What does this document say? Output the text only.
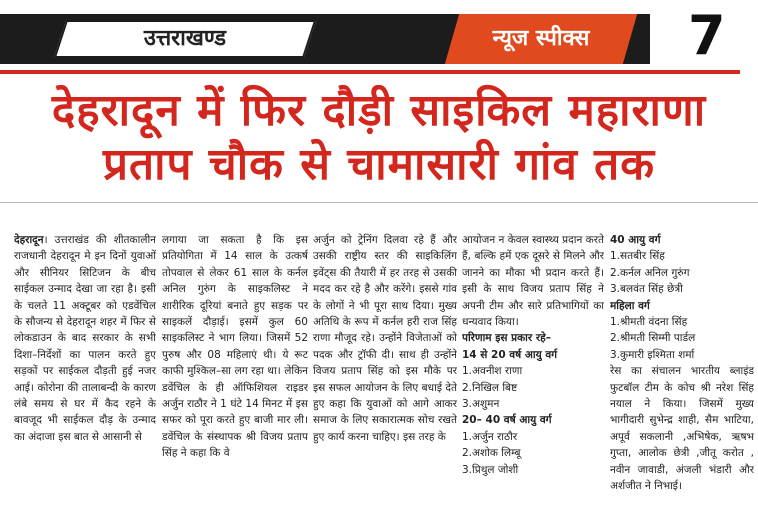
उत्तराखण्ड	न्यूज स्पीक्स	7
देहरादून में फिर दौड़ी साइकिल महाराणा
प्रताप चौक से चामासारी गांव तक
देहरादून। उत्तराखंड की शीतकालीन राजधानी देहरादून मे इन दिनों युवाओं और सीनियर सिटिजन के बीच साईकल उन्माद देखा जा रहा है। इसी के चलते 11 अक्टूबर को एडवेंचिल के सौजन्य से देहरादून शहर में फिर से लोकडाउन के बाद सरकार के सभी दिशा–निर्देशों का पालन करते हुए सड़कों पर साईकल दौड़ती हुई नजर आई। कोरोना की तालाबन्दी के कारण लंबे समय से घर में कैद रहने के बावजूद भी साईकल दौड़ के उन्माद का अंदाजा इस बात से आसानी से
लगाया जा सकता है कि इस प्रतियोगिता में 14 साल के उत्कर्ष तोपवाल से लेकर 61 साल के कर्नल अनिल गुरुंग के साइकलिस्ट ने शारीरिक दूरियां बनाते हुए सड़क पर साइकलें दौड़ाई। इसमें कुल 60 साइकलिस्ट ने भाग लिया। जिसमें 52 पुरुष और 08 महिलाएं थी। ये रूट काफी मुश्किल–सा लग रहा था। लेकिन डवेंचिल के ही ऑफिशियल राइडर अर्जुन राठौर ने 1 घंटे 14 मिनट में इस सफर को पूरा करते हुए बाजी मार ली। डवेंचिल के संस्थापक श्री विजय प्रताप सिंह ने कहा कि वे
अर्जुन को ट्रेनिंग दिलवा रहे हैं और उसकी राष्ट्रीय स्तर की साइकिलिंग इवेंट्स की तैयारी में हर तरह से उसकी मदद कर रहे है और करेंगे। इससे गांव के लोगों ने भी पूरा साथ दिया। मुख्य अतिथि के रूप में कर्नल हरी राज सिंह राणा मौजूद रहे। उन्होंने विजेताओं को पदक और ट्रॉफी दी। साथ ही उन्होंने विजय प्रताप सिंह को इस मौके पर इस सफल आयोजन के लिए बधाई देते हुए कहा कि युवाओं को आगे आकर समाज के लिए सकारात्मक सोच रखते हुए कार्य करना चाहिए। इस तरह के
आयोजन न केवल स्वास्थ्य प्रदान करते हैं, बल्कि हमें एक दूसरे से मिलने और जानने का मौका भी प्रदान करते हैं। इसी के साथ विजय प्रताप सिंह ने अपनी टीम और सारे प्रतिभागियों का धन्यवाद किया।
परिणाम इस प्रकार रहे–
14 से 20 वर्ष आयु वर्ग
1.अवनीश राणा
2.निखिल बिष्ट
3.अशुमन
20– 40 वर्ष आयु वर्ग
1.अर्जुन राठौर
2.अशोक लिम्बू
3.प्रिथुल जोशी
40 आयु वर्ग
1.सतबीर सिंह
2.कर्नल अनिल गुरुंग
3.बलवंत सिंह छेत्री
महिला वर्ग
1.श्रीमती वंदना सिंह
2.श्रीमती सिम्मी पार्डल
3.कुमारी इश्मिता शर्मा
रेस का संचालन भारतीय ब्लाइंड फुटबॉल टीम के कोच श्री नरेश सिंह नयाल ने किया। जिसमें मुख्य भागीदारी सुभेन्द्र शाही, सैम भाटिया, अपूर्व सकलानी ,अभिषेक, ऋषभ गुप्ता, आलोक छेत्री ,जीतू करोत , नवीन जावाडी, अंजली भंडारी और अर्शजीत ने निभाई।
